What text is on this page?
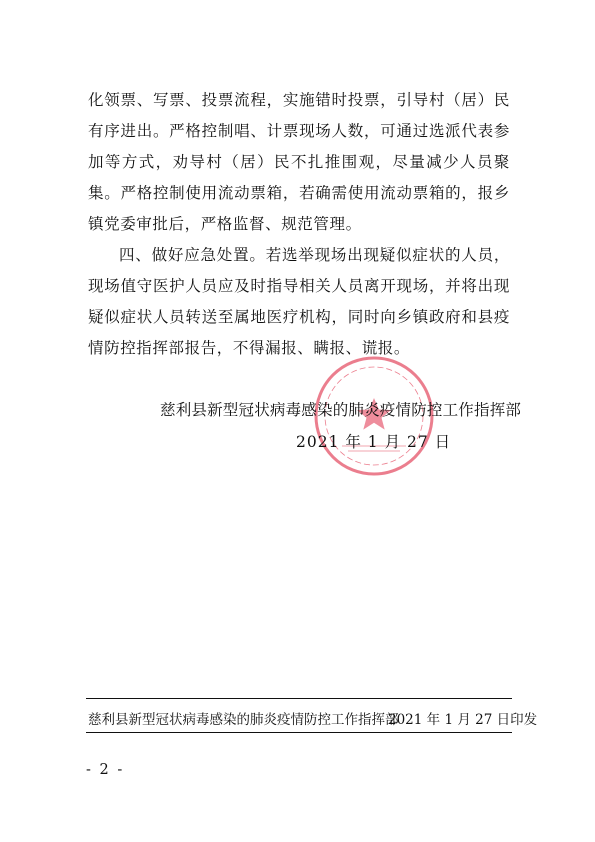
化领票、写票、投票流程，实施错时投票，引导村（居）民有序进出。严格控制唱、计票现场人数，可通过选派代表参加等方式，劝导村（居）民不扎推围观，尽量减少人员聚集。严格控制使用流动票箱，若确需使用流动票箱的，报乡镇党委审批后，严格监督、规范管理。

四、做好应急处置。若选举现场出现疑似症状的人员，现场值守医护人员应及时指导相关人员离开现场，并将出现疑似症状人员转送至属地医疗机构，同时向乡镇政府和县疫情防控指挥部报告，不得漏报、瞒报、谎报。

慈利县新型冠状病毒感染的肺炎疫情防控工作指挥部
2021 年 1 月 27 日
慈利县新型冠状病毒感染的肺炎疫情防控工作指挥部
2021 年 1 月 27 日印发
- 2 -
